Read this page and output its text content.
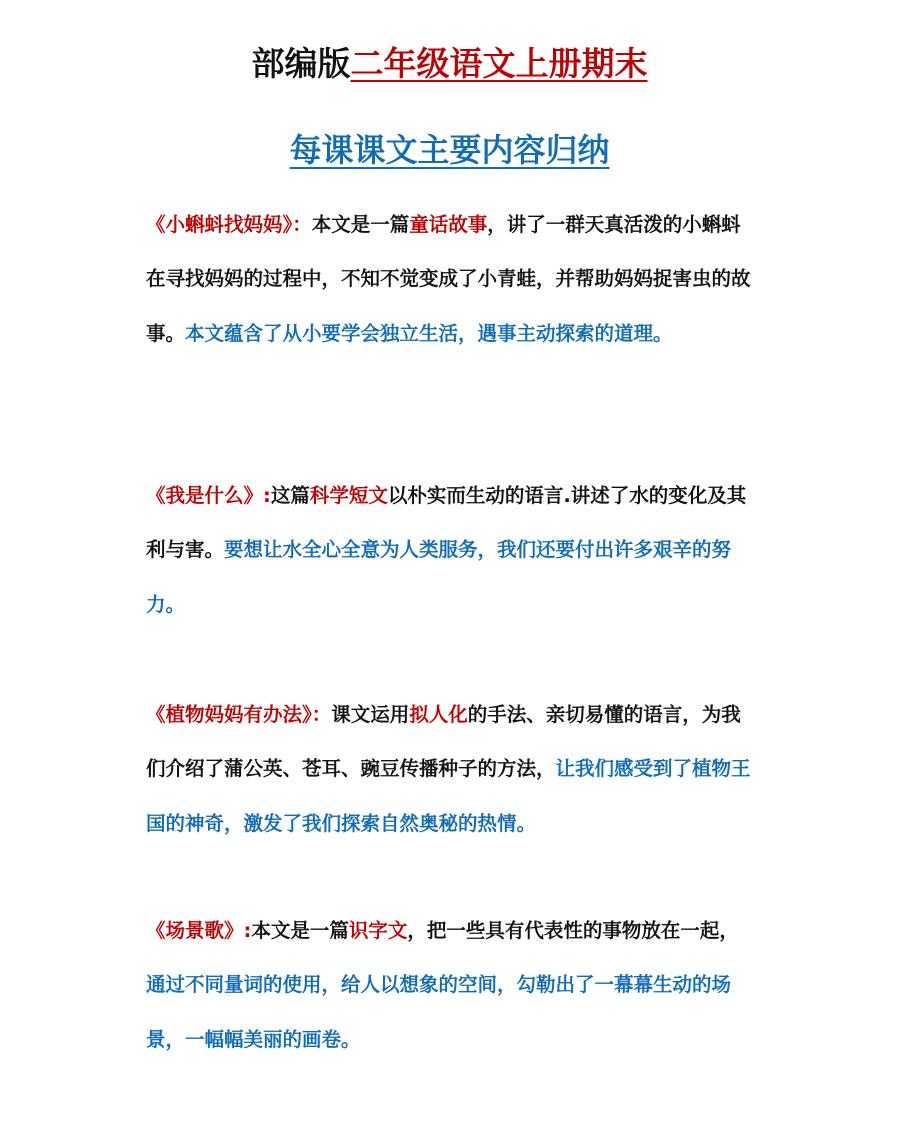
部编版二年级语文上册期末
每课课文主要内容归纳

《小蝌蚪找妈妈》：本文是一篇童话故事，讲了一群天真活泼的小蝌蚪在寻找妈妈的过程中，不知不觉变成了小青蛙，并帮助妈妈捉害虫的故事。本文蕴含了从小要学会独立生活，遇事主动探索的道理。

《我是什么》:这篇科学短文以朴实而生动的语言.讲述了水的变化及其利与害。要想让水全心全意为人类服务，我们还要付出许多艰辛的努力。

《植物妈妈有办法》：课文运用拟人化的手法、亲切易懂的语言，为我们介绍了蒲公英、苍耳、豌豆传播种子的方法，让我们感受到了植物王国的神奇，激发了我们探索自然奥秘的热情。

《场景歌》:本文是一篇识字文，把一些具有代表性的事物放在一起，通过不同量词的使用，给人以想象的空间，勾勒出了一幕幕生动的场景，一幅幅美丽的画卷。
